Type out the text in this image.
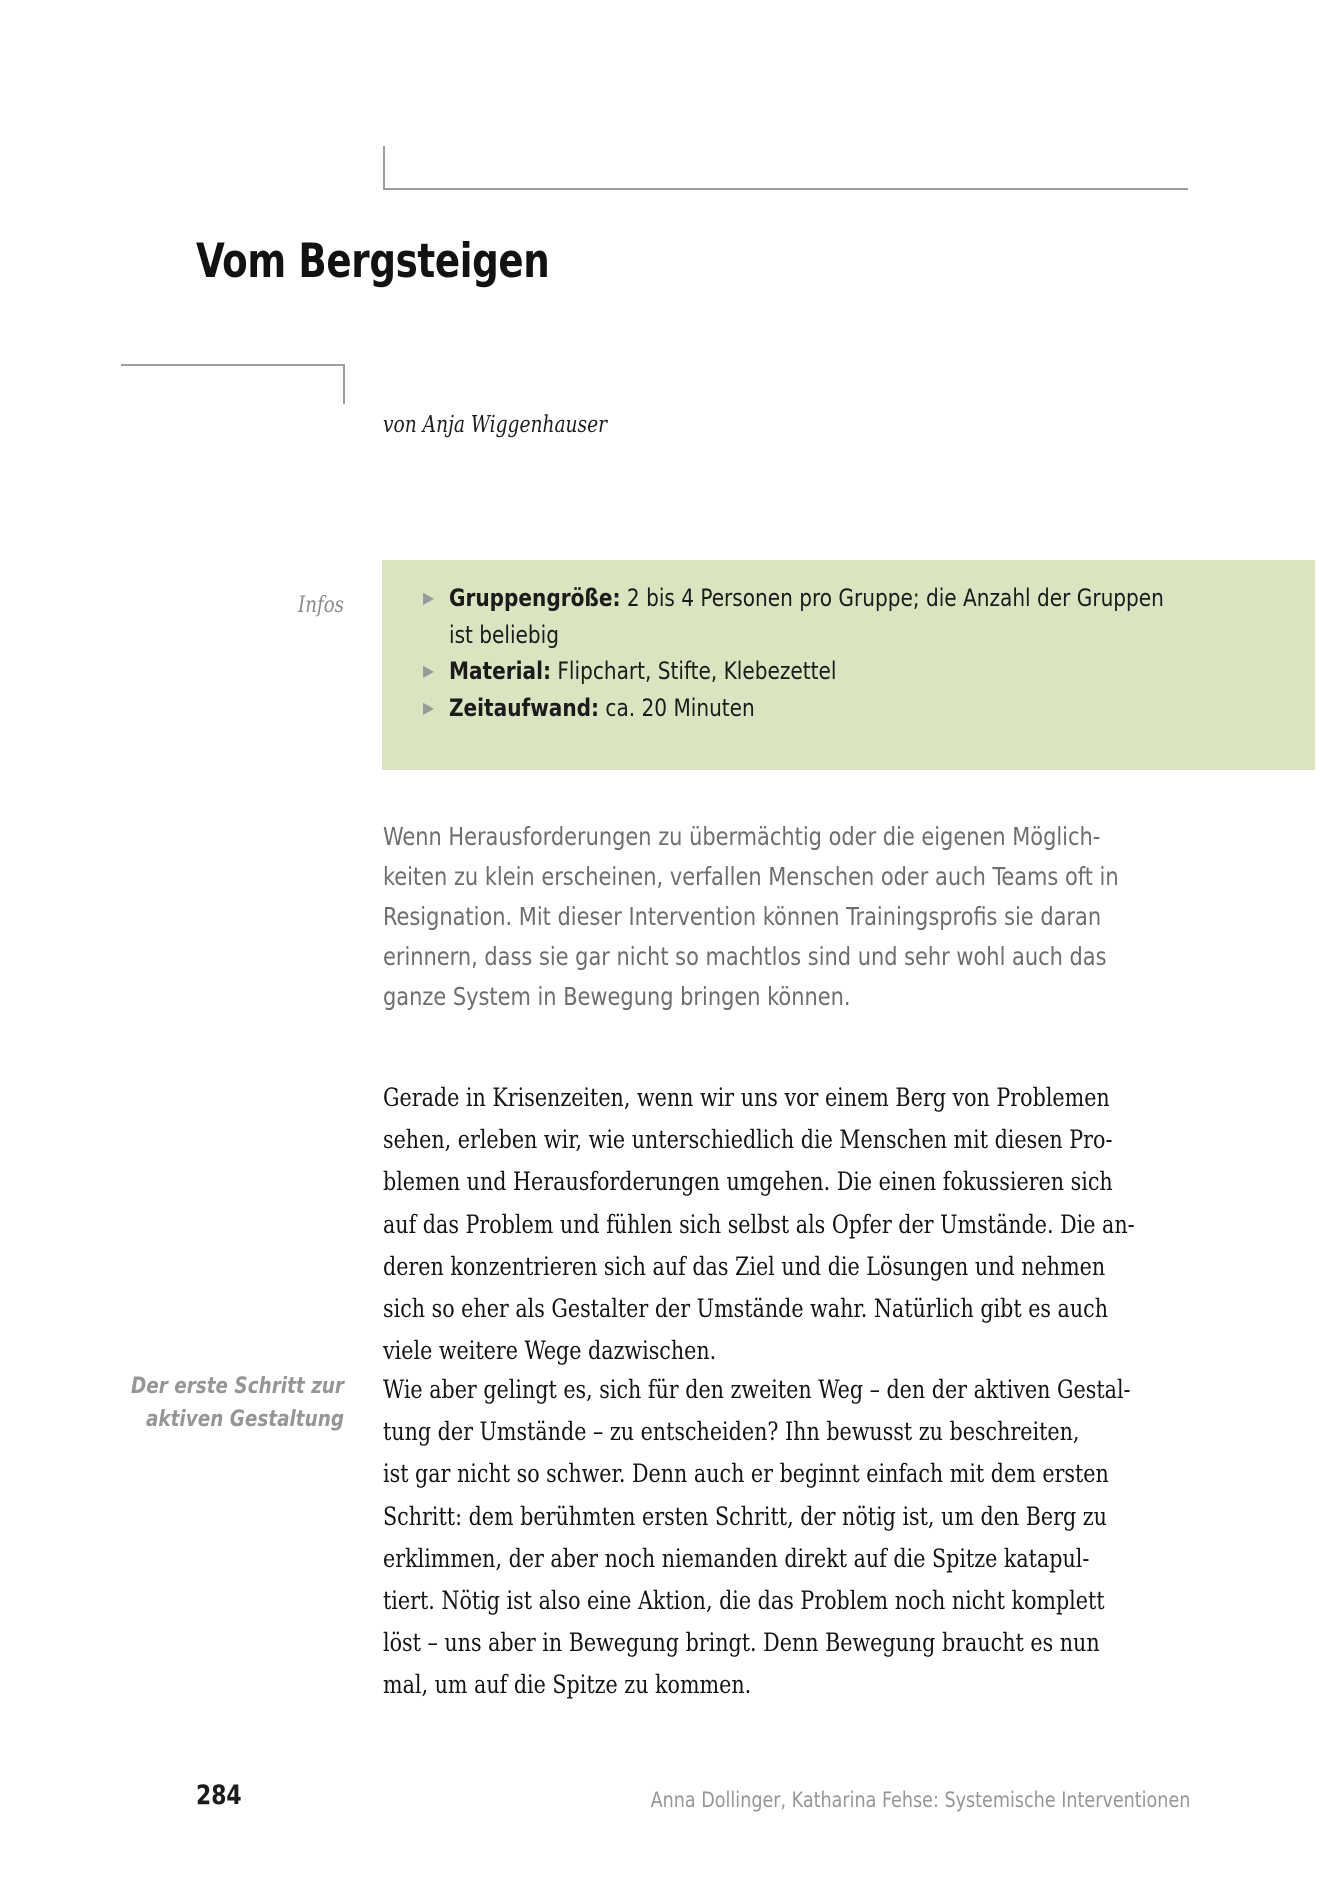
Vom Bergsteigen

von Anja Wiggenhauser

Infos	▶ Gruppengröße: 2 bis 4 Personen pro Gruppe; die Anzahl der Gruppen ist beliebig
▶ Material: Flipchart, Stifte, Klebezettel
▶ Zeitaufwand: ca. 20 Minuten

Wenn Herausforderungen zu übermächtig oder die eigenen Möglich-
keiten zu klein erscheinen, verfallen Menschen oder auch Teams oft in
Resignation. Mit dieser Intervention können Trainingsprofis sie daran
erinnern, dass sie gar nicht so machtlos sind und sehr wohl auch das
ganze System in Bewegung bringen können.

Gerade in Krisenzeiten, wenn wir uns vor einem Berg von Problemen
sehen, erleben wir, wie unterschiedlich die Menschen mit diesen Pro-
blemen und Herausforderungen umgehen. Die einen fokussieren sich
auf das Problem und fühlen sich selbst als Opfer der Umstände. Die an-
deren konzentrieren sich auf das Ziel und die Lösungen und nehmen
sich so eher als Gestalter der Umstände wahr. Natürlich gibt es auch
viele weitere Wege dazwischen.

Der erste Schritt zur
aktiven Gestaltung

Wie aber gelingt es, sich für den zweiten Weg – den der aktiven Gestal-
tung der Umstände – zu entscheiden? Ihn bewusst zu beschreiten,
ist gar nicht so schwer. Denn auch er beginnt einfach mit dem ersten
Schritt: dem berühmten ersten Schritt, der nötig ist, um den Berg zu
erklimmen, der aber noch niemanden direkt auf die Spitze katapul-
tiert. Nötig ist also eine Aktion, die das Problem noch nicht komplett
löst – uns aber in Bewegung bringt. Denn Bewegung braucht es nun
mal, um auf die Spitze zu kommen.

284	Anna Dollinger, Katharina Fehse: Systemische Interventionen
